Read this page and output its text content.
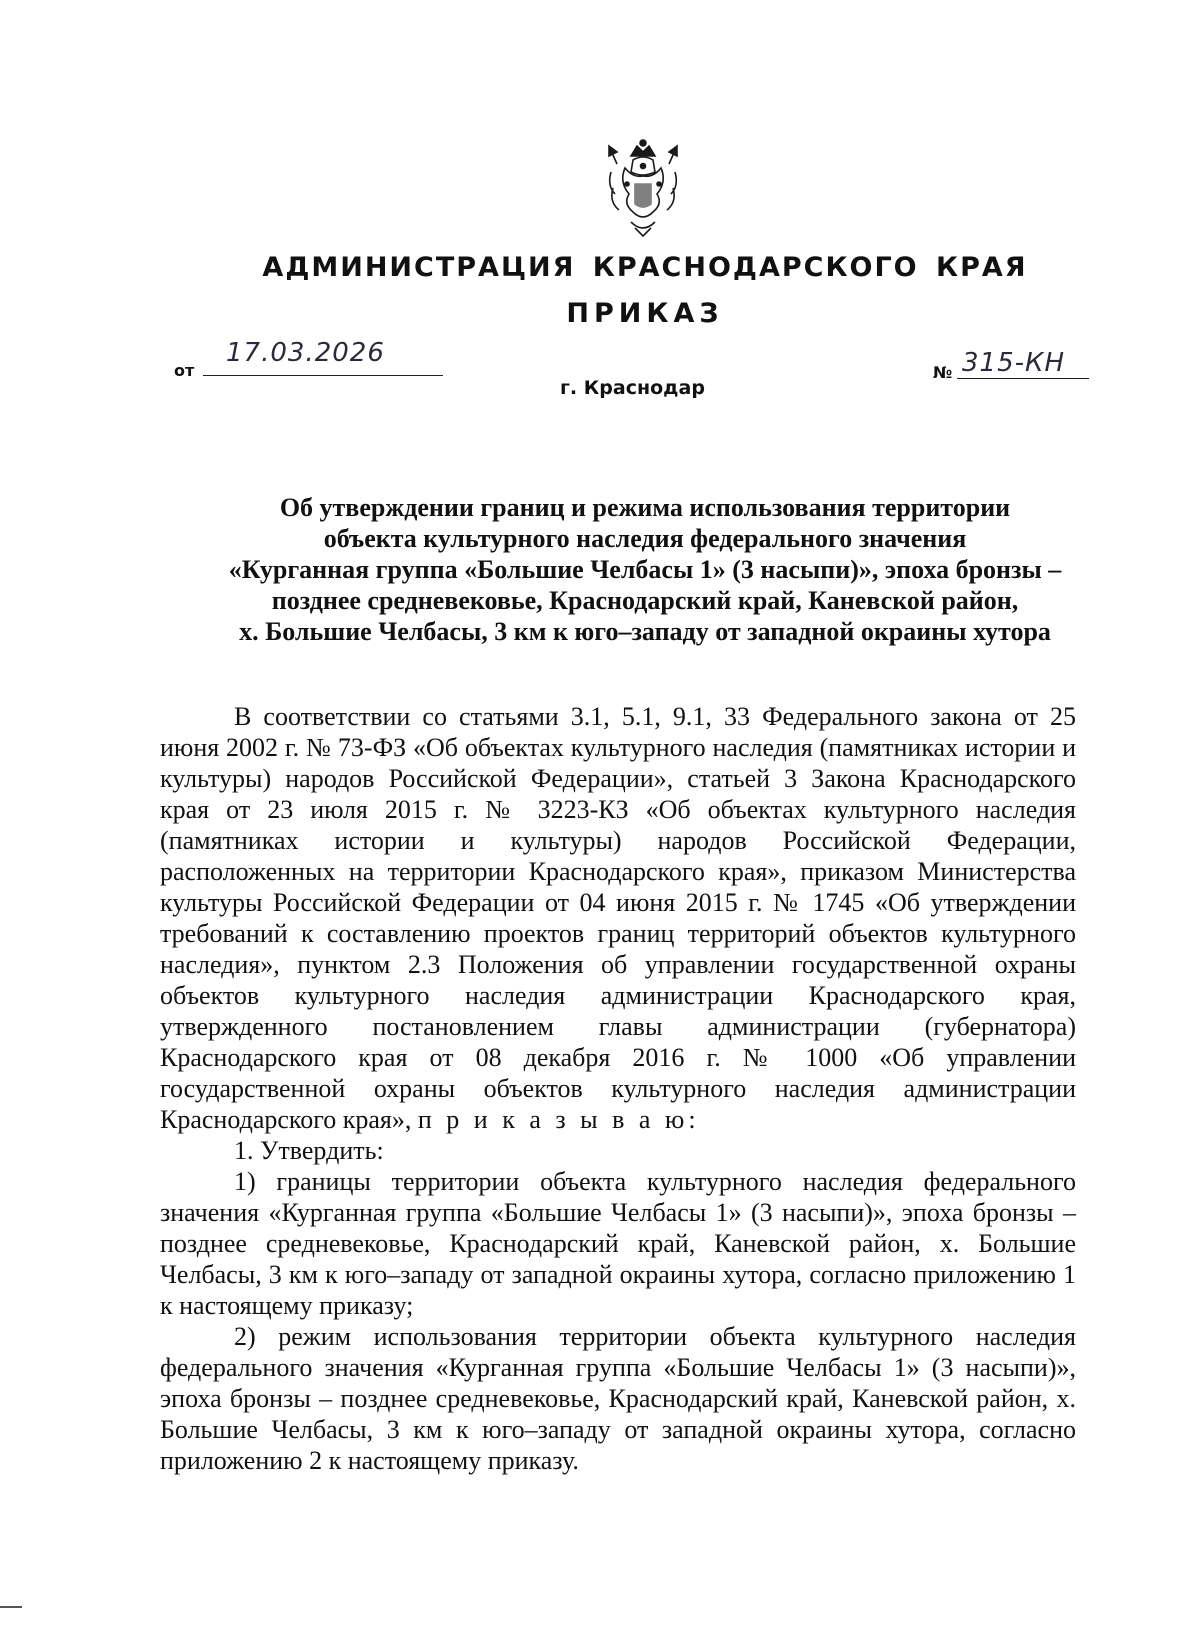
АДМИНИСТРАЦИЯ КРАСНОДАРСКОГО КРАЯ
ПРИКАЗ
от
17.03.2026
г. Краснодар
№ 315-КН
Об утверждении границ и режима использования территории
объекта культурного наследия федерального значения
«Курганная группа «Большие Челбасы 1» (3 насыпи)», эпоха бронзы –
позднее средневековье, Краснодарский край, Каневской район,
х. Большие Челбасы, 3 км к юго–западу от западной окраины хутора

В соответствии со статьями 3.1, 5.1, 9.1, 33 Федерального закона от 25 июня 2002 г. № 73-ФЗ «Об объектах культурного наследия (памятниках истории и культуры) народов Российской Федерации», статьей 3 Закона Краснодарского края от 23 июля 2015 г. № 3223-КЗ «Об объектах культурного наследия (памятниках истории и культуры) народов Российской Федерации, расположенных на территории Краснодарского края», приказом Министерства культуры Российской Федерации от 04 июня 2015 г. № 1745 «Об утверждении требований к составлению проектов границ территорий объектов культурного наследия», пунктом 2.3 Положения об управлении государственной охраны объектов культурного наследия администрации Краснодарского края, утвержденного постановлением главы администрации (губернатора) Краснодарского края от 08 декабря 2016 г. № 1000 «Об управлении государственной охраны объектов культурного наследия администрации Краснодарского края», п р и к а з ы в а ю:

1. Утвердить:

1) границы территории объекта культурного наследия федерального значения «Курганная группа «Большие Челбасы 1» (3 насыпи)», эпоха бронзы – позднее средневековье, Краснодарский край, Каневской район, х. Большие Челбасы, 3 км к юго–западу от западной окраины хутора, согласно приложению 1 к настоящему приказу;

2) режим использования территории объекта культурного наследия федерального значения «Курганная группа «Большие Челбасы 1» (3 насыпи)», эпоха бронзы – позднее средневековье, Краснодарский край, Каневской район, х. Большие Челбасы, 3 км к юго–западу от западной окраины хутора, согласно приложению 2 к настоящему приказу.
